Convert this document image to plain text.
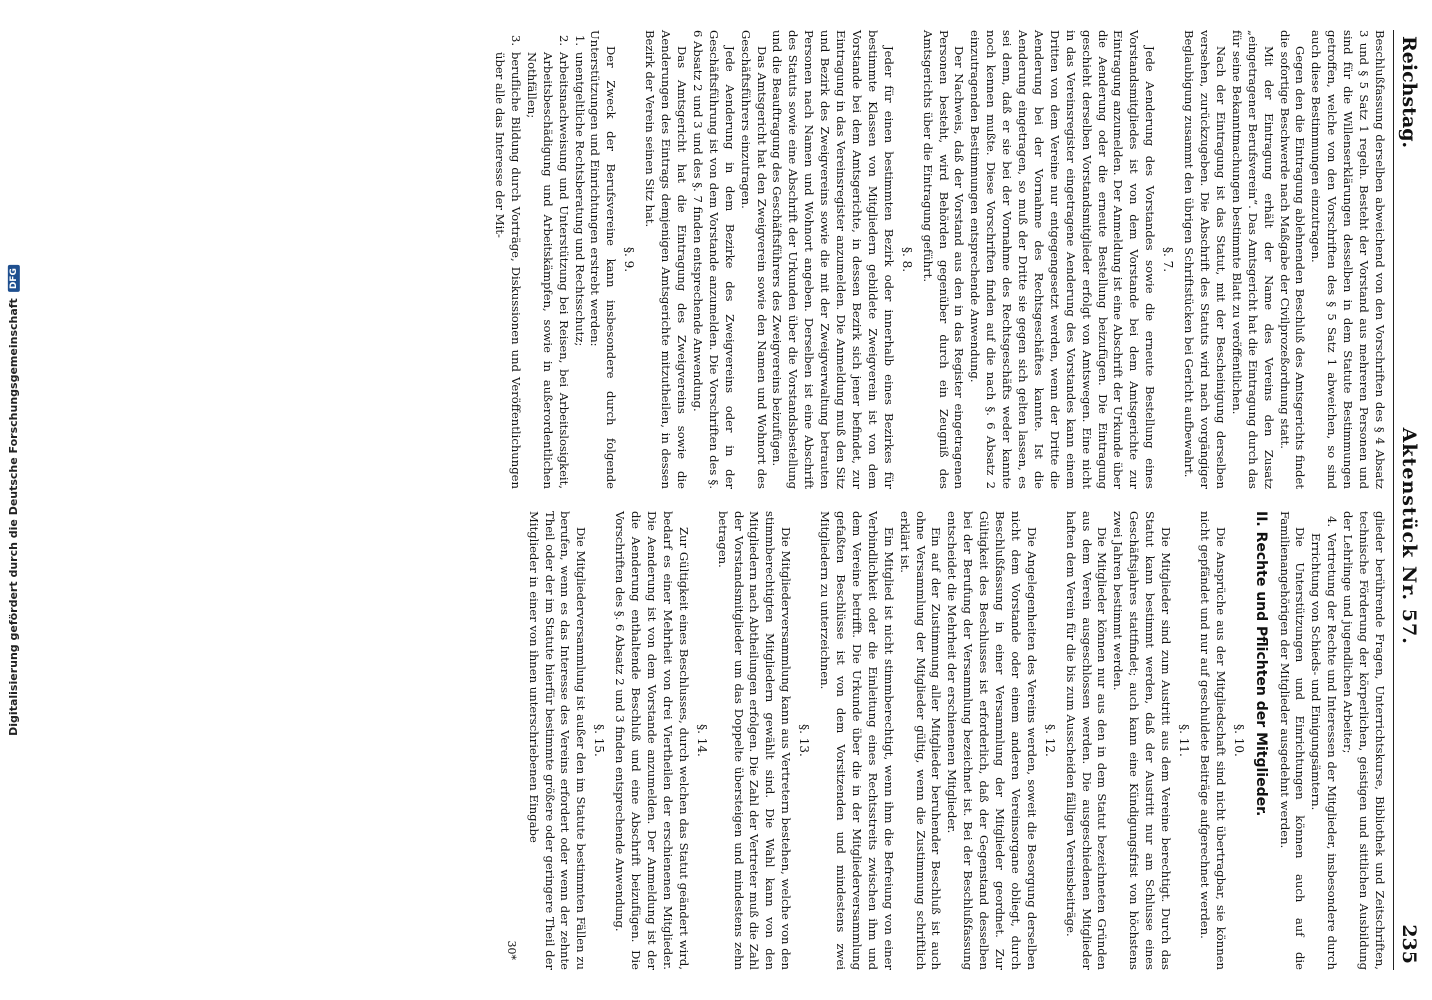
Digitalisierung gefördert durch die Deutsche Forschungsgemeinschaft
DFG
Reichstag.
Aktenstück Nr. 57.
235

Beschlußfassung derselben abweichend von den Vorschriften des § 4 Absatz 3 und § 5 Satz 1 regeln. Besteht der Vorstand aus mehreren Personen und sind für die Willenserklärungen desselben in dem Statute Bestimmungen getroffen, welche von den Vorschriften des § 5 Satz 1 abweichen, so sind auch diese Bestimmungen einzutragen.

Gegen den die Eintragung ablehnenden Beschluß des Amtsgerichts findet die sofortige Beschwerde nach Maßgabe der Civilprozeßordnung statt.

Mit der Eintragung erhält der Name des Vereins den Zusatz „eingetragener Berufsverein“. Das Amtsgericht hat die Eintragung durch das für seine Bekanntmachungen bestimmte Blatt zu veröffentlichen.

Nach der Eintragung ist das Statut, mit der Bescheinigung derselben versehen, zurückzugeben. Die Abschrift des Statuts wird nach vorgängiger Beglaubigung zusammt den übrigen Schriftstücken bei Gericht aufbewahrt.

§. 7.

Jede Aenderung des Vorstandes sowie die erneute Bestellung eines Vorstandsmitgliedes ist von dem Vorstande bei dem Amtsgerichte zur Eintragung anzumelden. Der Anmeldung ist eine Abschrift der Urkunde über die Aenderung oder die erneute Bestellung beizufügen. Die Eintragung geschieht derselben Vorstandsmitglieder erfolgt von Amtswegen. Eine nicht in das Vereinsregister eingetragene Aenderung des Vorstandes kann einem Dritten von dem Vereine nur entgegengesetzt werden, wenn der Dritte die Aenderung bei der Vornahme des Rechtsgeschäftes kannte. Ist die Aenderung eingetragen, so muß der Dritte sie gegen sich gelten lassen, es sei denn, daß er sie bei der Vornahme des Rechtsgeschäfts weder kannte noch kennen mußte. Diese Vorschriften finden auf die nach §. 6 Absatz 2 einzutragenden Bestimmungen entsprechende Anwendung.

Der Nachweis, daß der Vorstand aus den in das Register eingetragenen Personen besteht, wird Behörden gegenüber durch ein Zeugniß des Amtsgerichts über die Eintragung geführt.

§. 8.

Jeder für einen bestimmten Bezirk oder innerhalb eines Bezirkes für bestimmte Klassen von Mitgliedern gebildete Zweigverein ist von dem Vorstande bei dem Amtsgerichte, in dessen Bezirk sich jener befindet, zur Eintragung in das Vereinsregister anzumelden. Die Anmeldung muß den Sitz und Bezirk des Zweigvereins sowie die mit der Zweigverwaltung betrauten Personen nach Namen und Wohnort angeben. Derselben ist eine Abschrift des Statuts sowie eine Abschrift der Urkunden über die Vorstandsbestellung und die Beauftragung des Geschäftsführers des Zweigvereins beizufügen.

Das Amtsgericht hat den Zweigverein sowie den Namen und Wohnort des Geschäftsführers einzutragen.

Jede Aenderung in dem Bezirke des Zweigvereins oder in der Geschäftsführung ist von dem Vorstande anzumelden. Die Vorschriften des §. 6 Absatz 2 und 3 und des §. 7 finden entsprechende Anwendung.

Das Amtsgericht hat die Eintragung des Zweigvereins sowie die Aenderungen des Eintrags demjenigen Amtsgerichte mitzutheilen, in dessen Bezirk der Verein seinen Sitz hat.

§. 9.

Der Zweck der Berufsvereine kann insbesondere durch folgende Unterstützungen und Einrichtungen erstrebt werden:

1.
unentgeltliche Rechtsberatung und Rechtsschutz;
2.
Arbeitsnachweisung und Unterstützung bei Reisen, bei Arbeitslosigkeit, Arbeitsbeschädigung und Arbeitskämpfen, sowie in außerordentlichen Nothfällen;
3.
berufliche Bildung durch Vorträge, Diskussionen und Veröffentlichungen über alle das Interesse der Mit-

glieder berührende Fragen, Unterrichtskurse, Bibliothek und Zeitschriften, technische Förderung der körperlichen, geistigen und sittlichen Ausbildung der Lehrlinge und jugendlichen Arbeiter;

4.
Vertretung der Rechte und Interessen der Mitglieder, insbesondere durch Errichtung von Schieds- und Einigungsämtern.

Die Unterstützungen und Einrichtungen können auch auf die Familienangehörigen der Mitglieder ausgedehnt werden.

II. Rechte und Pflichten der Mitglieder.
§. 10.

Die Ansprüche aus der Mitgliedschaft sind nicht übertragbar, sie können nicht gepfändet und nur auf geschuldete Beiträge aufgerechnet werden.

§. 11.

Die Mitglieder sind zum Austritt aus dem Vereine berechtigt. Durch das Statut kann bestimmt werden, daß der Austritt nur am Schlusse eines Geschäftsjahres stattfindet; auch kann eine Kündigungsfrist von höchstens zwei Jahren bestimmt werden.

Die Mitglieder können nur aus den in dem Statut bezeichneten Gründen aus dem Verein ausgeschlossen werden. Die ausgeschiedenen Mitglieder haften dem Verein für die bis zum Ausscheiden fälligen Vereinsbeiträge.

§. 12.

Die Angelegenheiten des Vereins werden, soweit die Besorgung derselben nicht dem Vorstande oder einem anderen Vereinsorgane obliegt, durch Beschlußfassung in einer Versammlung der Mitglieder geordnet. Zur Gültigkeit des Beschlusses ist erforderlich, daß der Gegenstand desselben bei der Berufung der Versammlung bezeichnet ist. Bei der Beschlußfassung entscheidet die Mehrheit der erschienenen Mitglieder.

Ein auf der Zustimmung aller Mitglieder beruhender Beschluß ist auch ohne Versammlung der Mitglieder gültig, wenn die Zustimmung schriftlich erklärt ist.

Ein Mitglied ist nicht stimmberechtigt, wenn ihm die Befreiung von einer Verbindlichkeit oder die Einleitung eines Rechtsstreits zwischen ihm und dem Vereine betrifft. Die Urkunde über die in der Mitgliederversammlung gefaßten Beschlüsse ist von dem Vorsitzenden und mindestens zwei Mitgliedern zu unterzeichnen.

§. 13.

Die Mitgliederversammlung kann aus Vertretern bestehen, welche von den stimmberechtigten Mitgliedern gewählt sind. Die Wahl kann von den Mitgliedern nach Abtheilungen erfolgen. Die Zahl der Vertreter muß die Zahl der Vorstandsmitglieder um das Doppelte übersteigen und mindestens zehn betragen.

§. 14.

Zur Gültigkeit eines Beschlusses, durch welchen das Statut geändert wird, bedarf es einer Mehrheit von drei Viertheilen der erschienenen Mitglieder. Die Aenderung ist von dem Vorstande anzumelden. Der Anmeldung ist der die Aenderung enthaltende Beschluß und eine Abschrift beizufügen. Die Vorschriften des §. 6 Absatz 2 und 3 finden entsprechende Anwendung.

§. 15.

Die Mitgliederversammlung ist außer den im Statute bestimmten Fällen zu berufen, wenn es das Interesse des Vereins erfordert oder wenn der zehnte Theil oder der im Statute hierfür bestimmte größere oder geringere Theil der Mitglieder in einer von ihnen unterschriebenen Eingabe

30*
